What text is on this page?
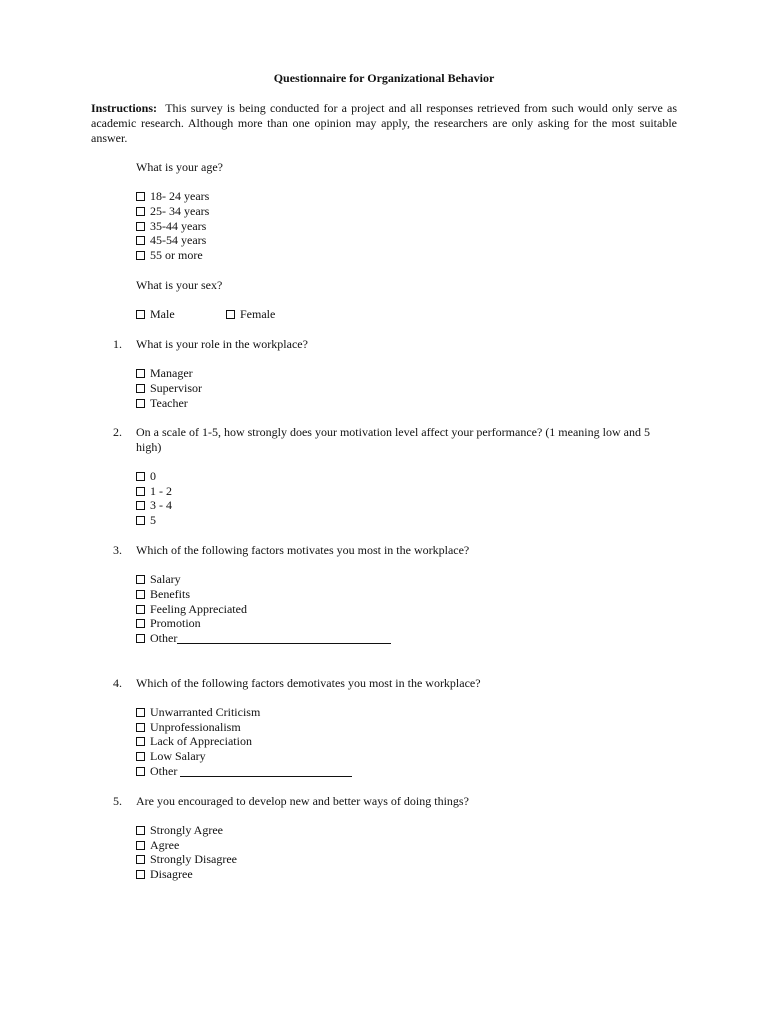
Questionnaire for Organizational Behavior
Instructions: This survey is being conducted for a project and all responses retrieved from such would only serve as academic research. Although more than one opinion may apply, the researchers are only asking for the most suitable answer.
What is your age?
18- 24 years
25- 34 years
35-44 years
45-54 years
55 or more
What is your sex?
Male	Female
1. What is your role in the workplace?
Manager
Supervisor
Teacher
2. On a scale of 1-5, how strongly does your motivation level affect your performance? (1 meaning low and 5 high)
0
1 - 2
3 - 4
5
3. Which of the following factors motivates you most in the workplace?
Salary
Benefits
Feeling Appreciated
Promotion
Other
4. Which of the following factors demotivates you most in the workplace?
Unwarranted Criticism
Unprofessionalism
Lack of Appreciation
Low Salary
Other
5. Are you encouraged to develop new and better ways of doing things?
Strongly Agree
Agree
Strongly Disagree
Disagree
